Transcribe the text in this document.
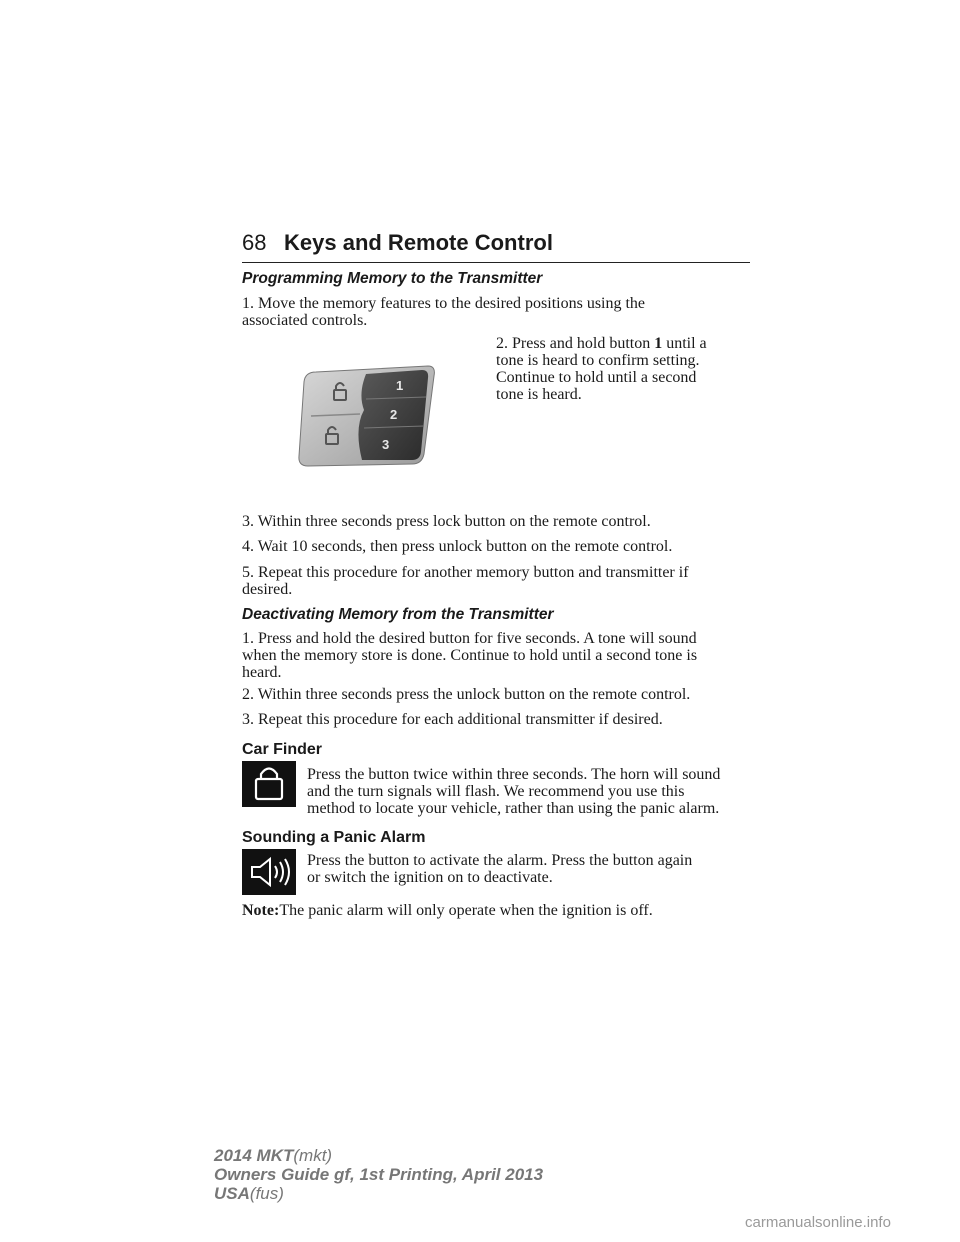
68 Keys and Remote Control

Programming Memory to the Transmitter

1. Move the memory features to the desired positions using the

associated controls.

2. Press and hold button 1 until a

tone is heard to confirm setting.

Continue to hold until a second

tone is heard.

1
2
3

3. Within three seconds press lock button on the remote control.

4. Wait 10 seconds, then press unlock button on the remote control.

5. Repeat this procedure for another memory button and transmitter if

desired.

Deactivating Memory from the Transmitter

1. Press and hold the desired button for five seconds. A tone will sound

when the memory store is done. Continue to hold until a second tone is

heard.

2. Within three seconds press the unlock button on the remote control.

3. Repeat this procedure for each additional transmitter if desired.

Car Finder

Press the button twice within three seconds. The horn will sound

and the turn signals will flash. We recommend you use this

method to locate your vehicle, rather than using the panic alarm.

Sounding a Panic Alarm

Press the button to activate the alarm. Press the button again

or switch the ignition on to deactivate.

Note:The panic alarm will only operate when the ignition is off.

2014 MKT(mkt)
Owners Guide gf, 1st Printing, April 2013
USA(fus)
carmanualsonline.info
